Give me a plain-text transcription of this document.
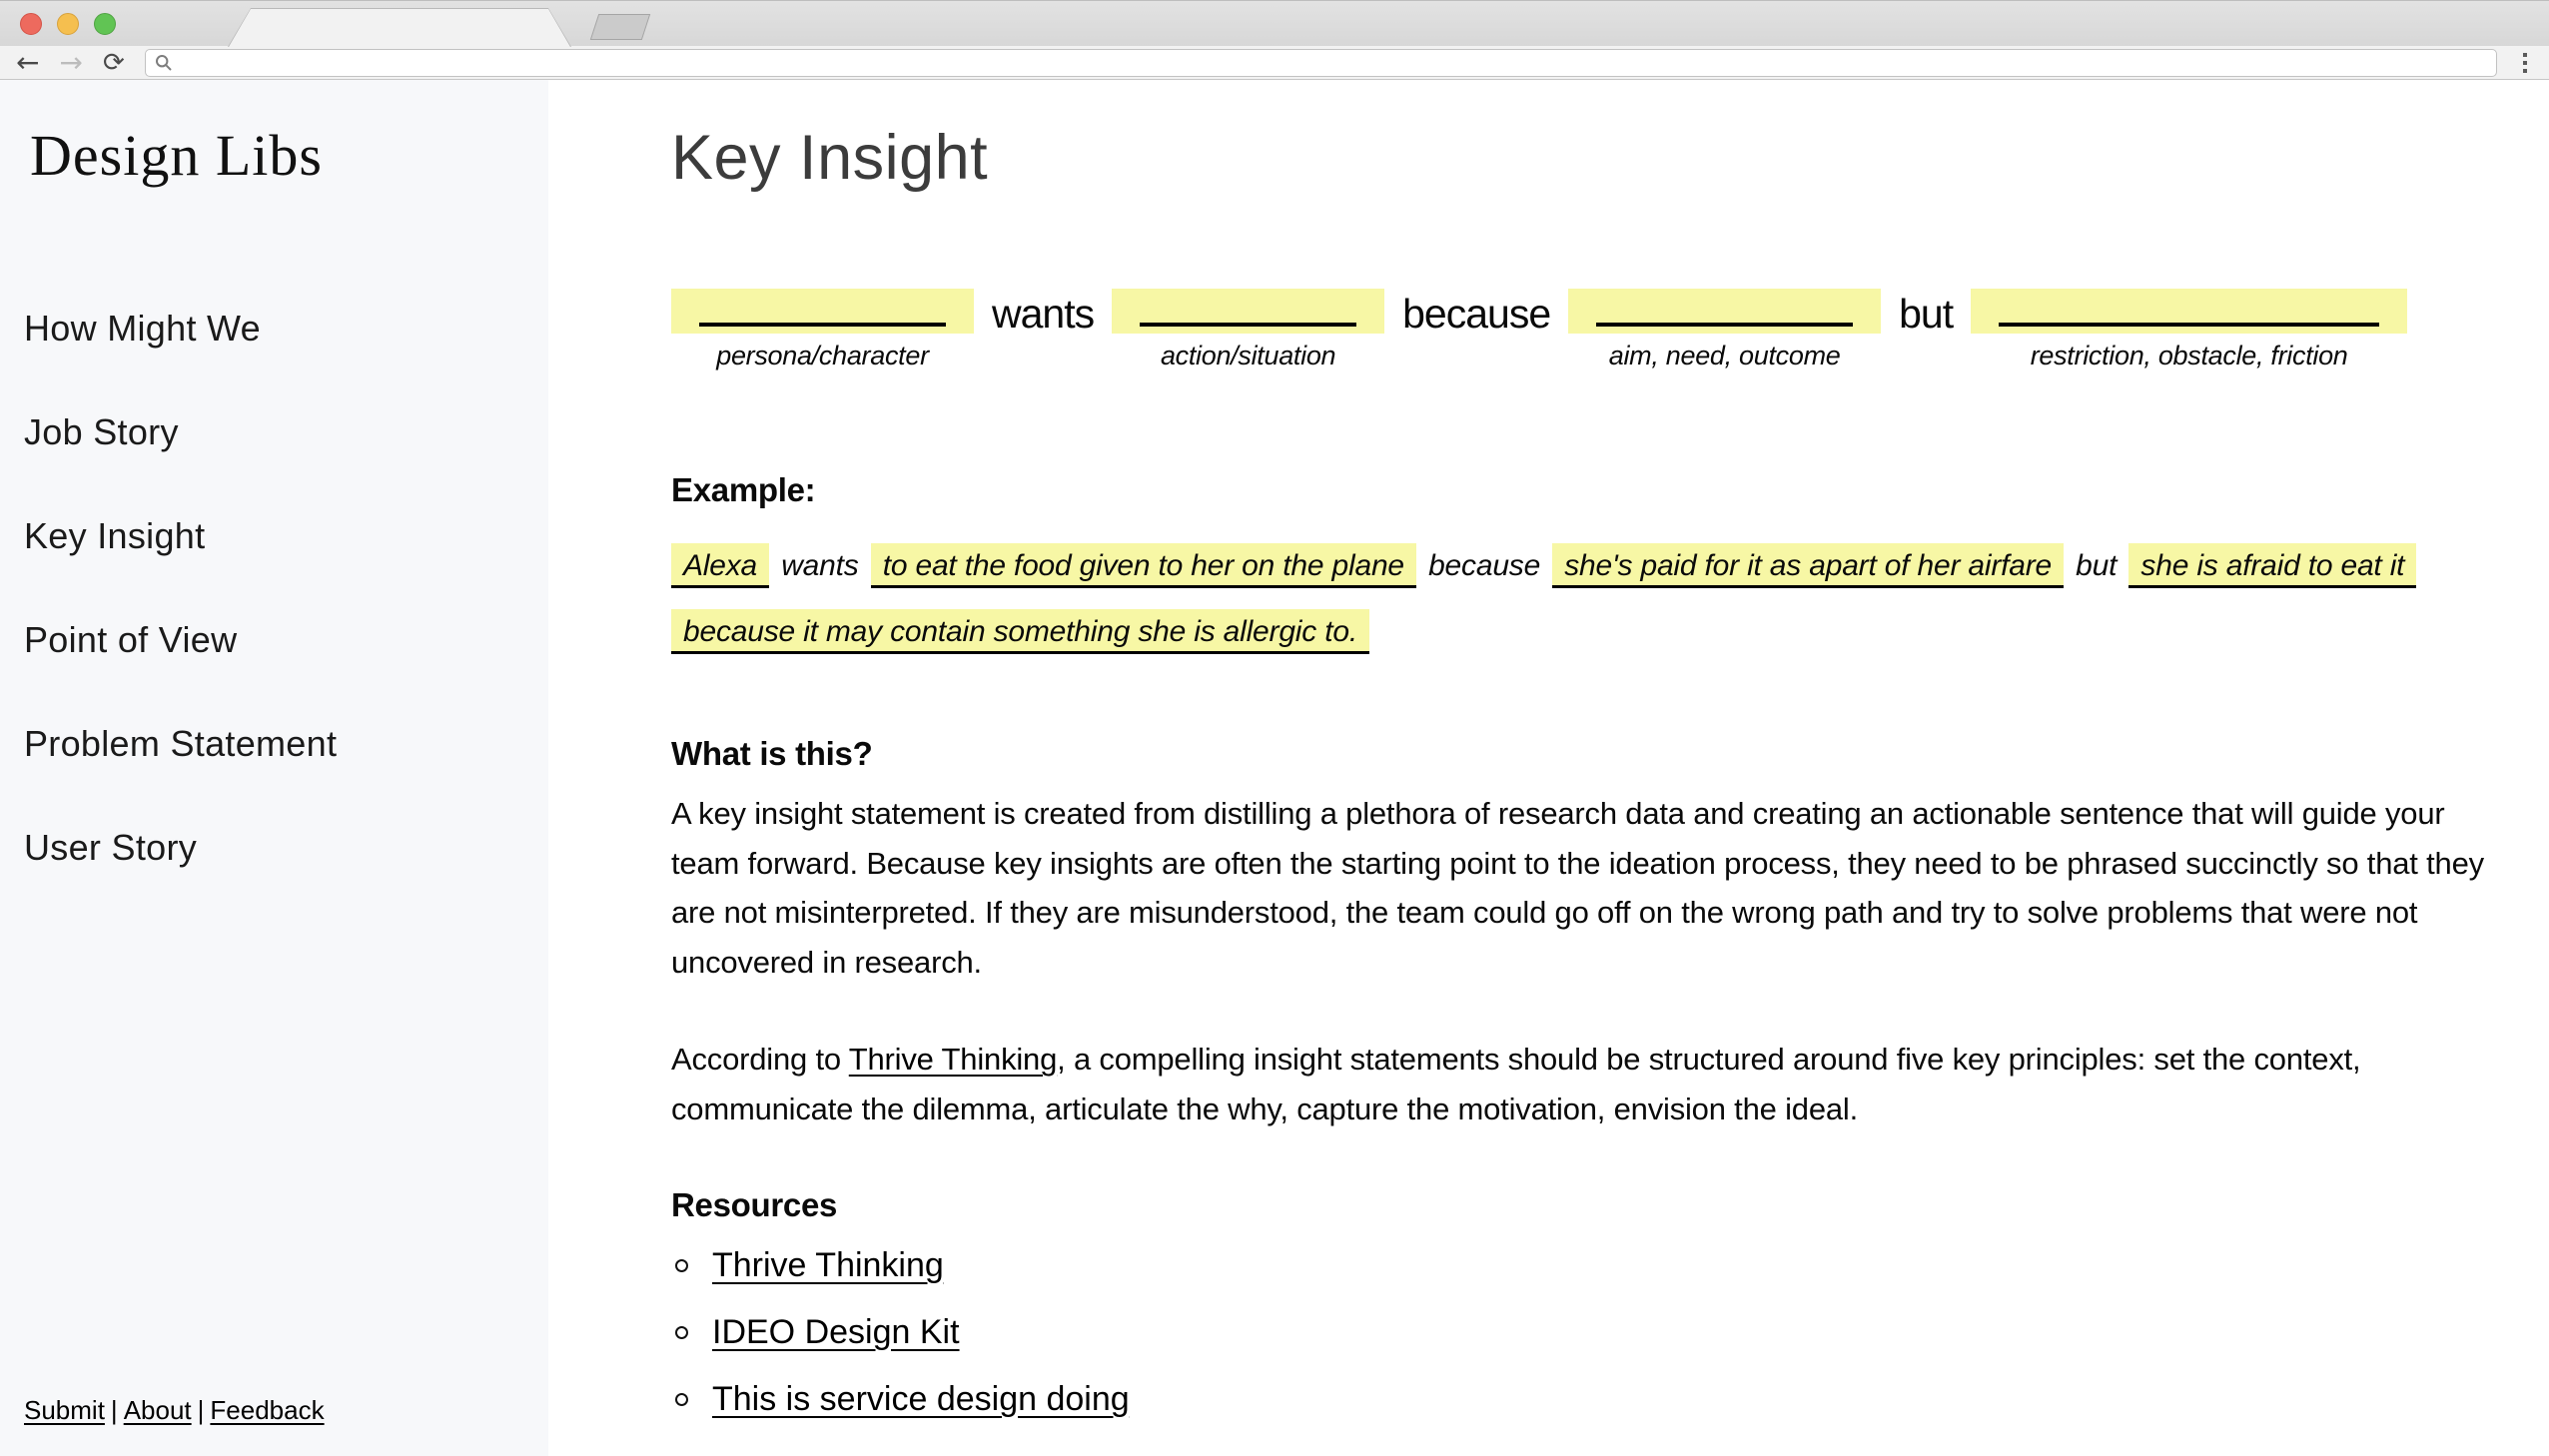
← → ⟳
Design Libs
How Might We
Job Story
Key Insight
Point of View
Problem Statement
User Story
Submit | About | Feedback
Key Insight
persona/character
wants
action/situation
because
aim, need, outcome
but
restriction, obstacle, friction
Example:

Alexa wants to eat the food given to her on the plane because she's paid for it as apart of her airfare but she is afraid to eat it because it may contain something she is allergic to.

What is this?

A key insight statement is created from distilling a plethora of research data and creating an actionable sentence that will guide your team forward. Because key insights are often the starting point to the ideation process, they need to be phrased succinctly so that they are not misinterpreted. If they are misunderstood, the team could go off on the wrong path and try to solve problems that were not uncovered in research.

According to Thrive Thinking, a compelling insight statements should be structured around five key principles: set the context, communicate the dilemma, articulate the why, capture the motivation, envision the ideal.

Resources
Thrive Thinking
IDEO Design Kit
This is service design doing
